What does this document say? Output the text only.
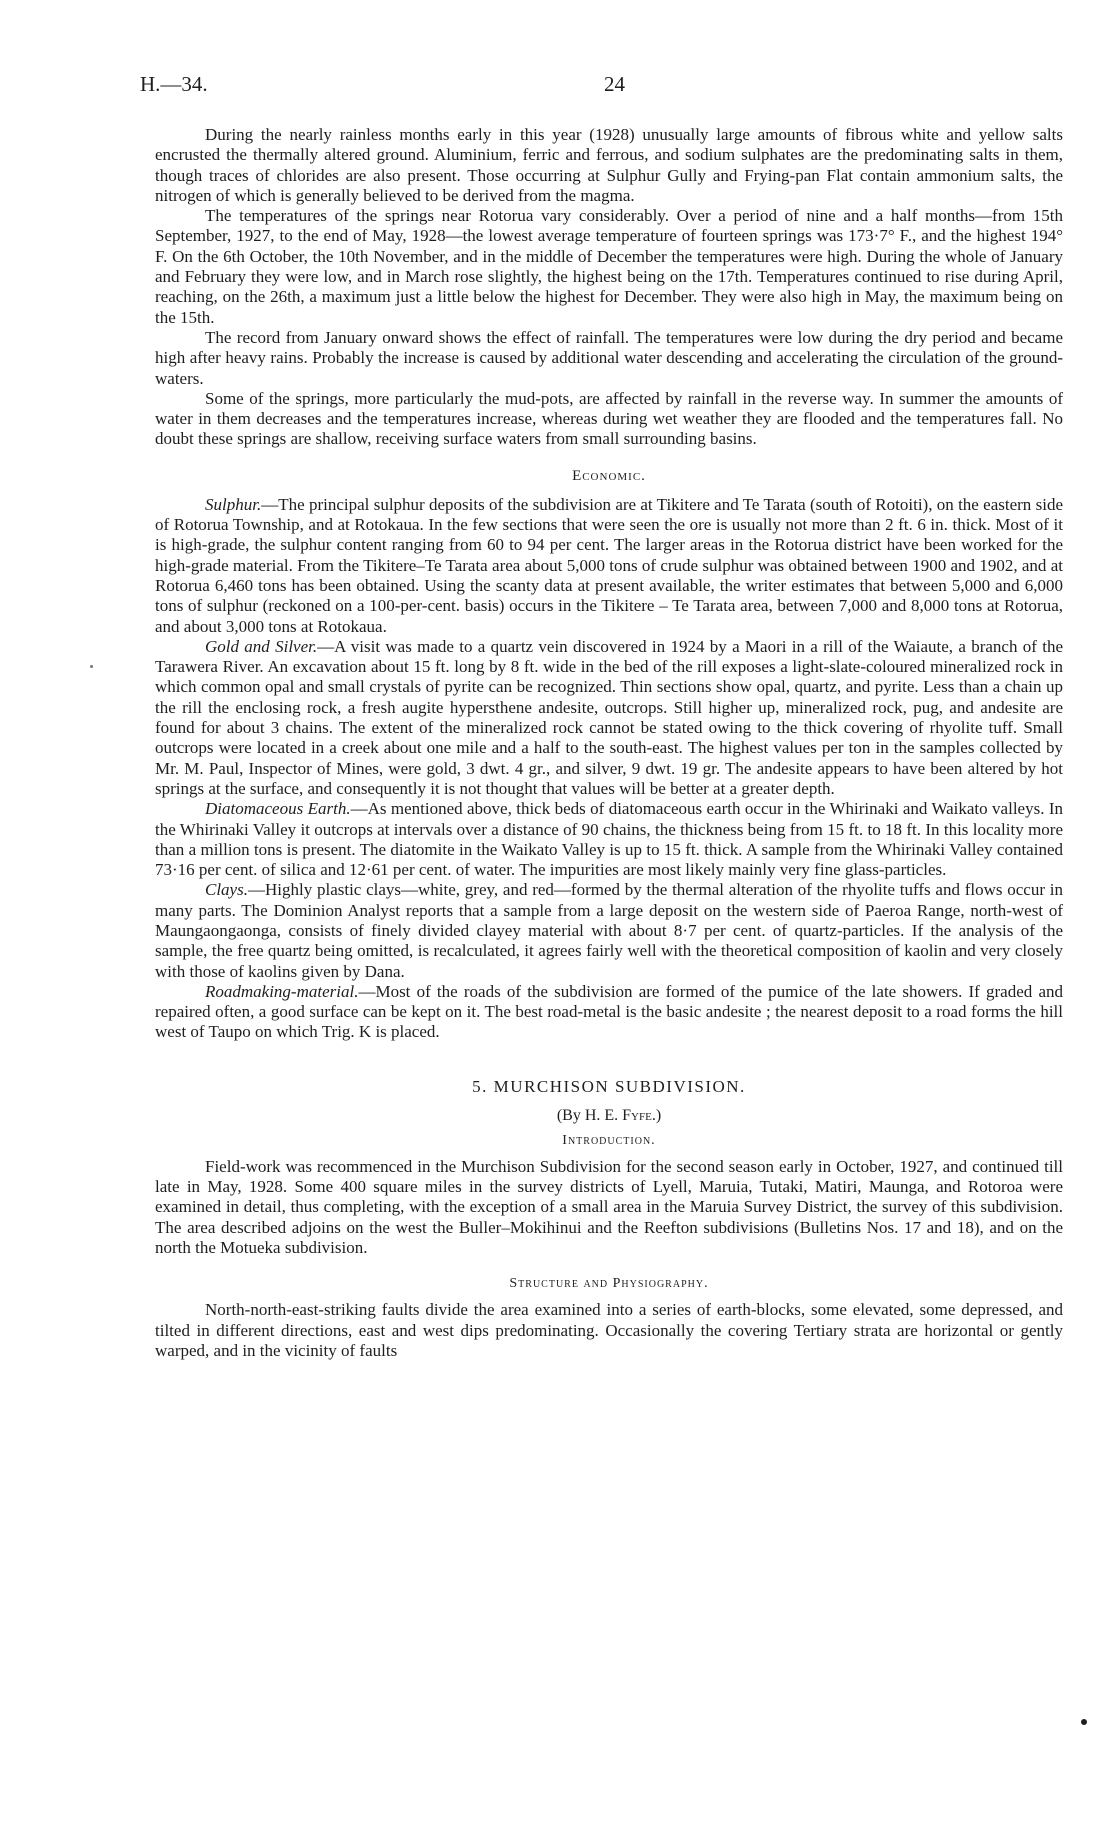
H.—34.	24

During the nearly rainless months early in this year (1928) unusually large amounts of fibrous white and yellow salts encrusted the thermally altered ground. Aluminium, ferric and ferrous, and sodium sulphates are the predominating salts in them, though traces of chlorides are also present. Those occurring at Sulphur Gully and Frying-pan Flat contain ammonium salts, the nitrogen of which is generally believed to be derived from the magma.

The temperatures of the springs near Rotorua vary considerably. Over a period of nine and a half months—from 15th September, 1927, to the end of May, 1928—the lowest average temperature of fourteen springs was 173·7° F., and the highest 194° F. On the 6th October, the 10th November, and in the middle of December the temperatures were high. During the whole of January and February they were low, and in March rose slightly, the highest being on the 17th. Temperatures continued to rise during April, reaching, on the 26th, a maximum just a little below the highest for December. They were also high in May, the maximum being on the 15th.

The record from January onward shows the effect of rainfall. The temperatures were low during the dry period and became high after heavy rains. Probably the increase is caused by additional water descending and accelerating the circulation of the ground-waters.

Some of the springs, more particularly the mud-pots, are affected by rainfall in the reverse way. In summer the amounts of water in them decreases and the temperatures increase, whereas during wet weather they are flooded and the temperatures fall. No doubt these springs are shallow, receiving surface waters from small surrounding basins.

Economic.

Sulphur.—The principal sulphur deposits of the subdivision are at Tikitere and Te Tarata (south of Rotoiti), on the eastern side of Rotorua Township, and at Rotokaua. In the few sections that were seen the ore is usually not more than 2 ft. 6 in. thick. Most of it is high-grade, the sulphur content ranging from 60 to 94 per cent. The larger areas in the Rotorua district have been worked for the high-grade material. From the Tikitere–Te Tarata area about 5,000 tons of crude sulphur was obtained between 1900 and 1902, and at Rotorua 6,460 tons has been obtained. Using the scanty data at present available, the writer estimates that between 5,000 and 6,000 tons of sulphur (reckoned on a 100-per-cent. basis) occurs in the Tikitere – Te Tarata area, between 7,000 and 8,000 tons at Rotorua, and about 3,000 tons at Rotokaua.

Gold and Silver.—A visit was made to a quartz vein discovered in 1924 by a Maori in a rill of the Waiaute, a branch of the Tarawera River. An excavation about 15 ft. long by 8 ft. wide in the bed of the rill exposes a light-slate-coloured mineralized rock in which common opal and small crystals of pyrite can be recognized. Thin sections show opal, quartz, and pyrite. Less than a chain up the rill the enclosing rock, a fresh augite hypersthene andesite, outcrops. Still higher up, mineralized rock, pug, and andesite are found for about 3 chains. The extent of the mineralized rock cannot be stated owing to the thick covering of rhyolite tuff. Small outcrops were located in a creek about one mile and a half to the south-east. The highest values per ton in the samples collected by Mr. M. Paul, Inspector of Mines, were gold, 3 dwt. 4 gr., and silver, 9 dwt. 19 gr. The andesite appears to have been altered by hot springs at the surface, and consequently it is not thought that values will be better at a greater depth.

Diatomaceous Earth.—As mentioned above, thick beds of diatomaceous earth occur in the Whirinaki and Waikato valleys. In the Whirinaki Valley it outcrops at intervals over a distance of 90 chains, the thickness being from 15 ft. to 18 ft. In this locality more than a million tons is present. The diatomite in the Waikato Valley is up to 15 ft. thick. A sample from the Whirinaki Valley contained 73·16 per cent. of silica and 12·61 per cent. of water. The impurities are most likely mainly very fine glass-particles.

Clays.—Highly plastic clays—white, grey, and red—formed by the thermal alteration of the rhyolite tuffs and flows occur in many parts. The Dominion Analyst reports that a sample from a large deposit on the western side of Paeroa Range, north-west of Maungaongaonga, consists of finely divided clayey material with about 8·7 per cent. of quartz-particles. If the analysis of the sample, the free quartz being omitted, is recalculated, it agrees fairly well with the theoretical composition of kaolin and very closely with those of kaolins given by Dana.

Roadmaking-material.—Most of the roads of the subdivision are formed of the pumice of the late showers. If graded and repaired often, a good surface can be kept on it. The best road-metal is the basic andesite ; the nearest deposit to a road forms the hill west of Taupo on which Trig. K is placed.

5. MURCHISON SUBDIVISION.
(By H. E. Fyfe.)
Introduction.

Field-work was recommenced in the Murchison Subdivision for the second season early in October, 1927, and continued till late in May, 1928. Some 400 square miles in the survey districts of Lyell, Maruia, Tutaki, Matiri, Maunga, and Rotoroa were examined in detail, thus completing, with the exception of a small area in the Maruia Survey District, the survey of this subdivision. The area described adjoins on the west the Buller–Mokihinui and the Reefton subdivisions (Bulletins Nos. 17 and 18), and on the north the Motueka subdivision.

Structure and Physiography.

North-north-east-striking faults divide the area examined into a series of earth-blocks, some elevated, some depressed, and tilted in different directions, east and west dips predominating. Occasionally the covering Tertiary strata are horizontal or gently warped, and in the vicinity of faults
